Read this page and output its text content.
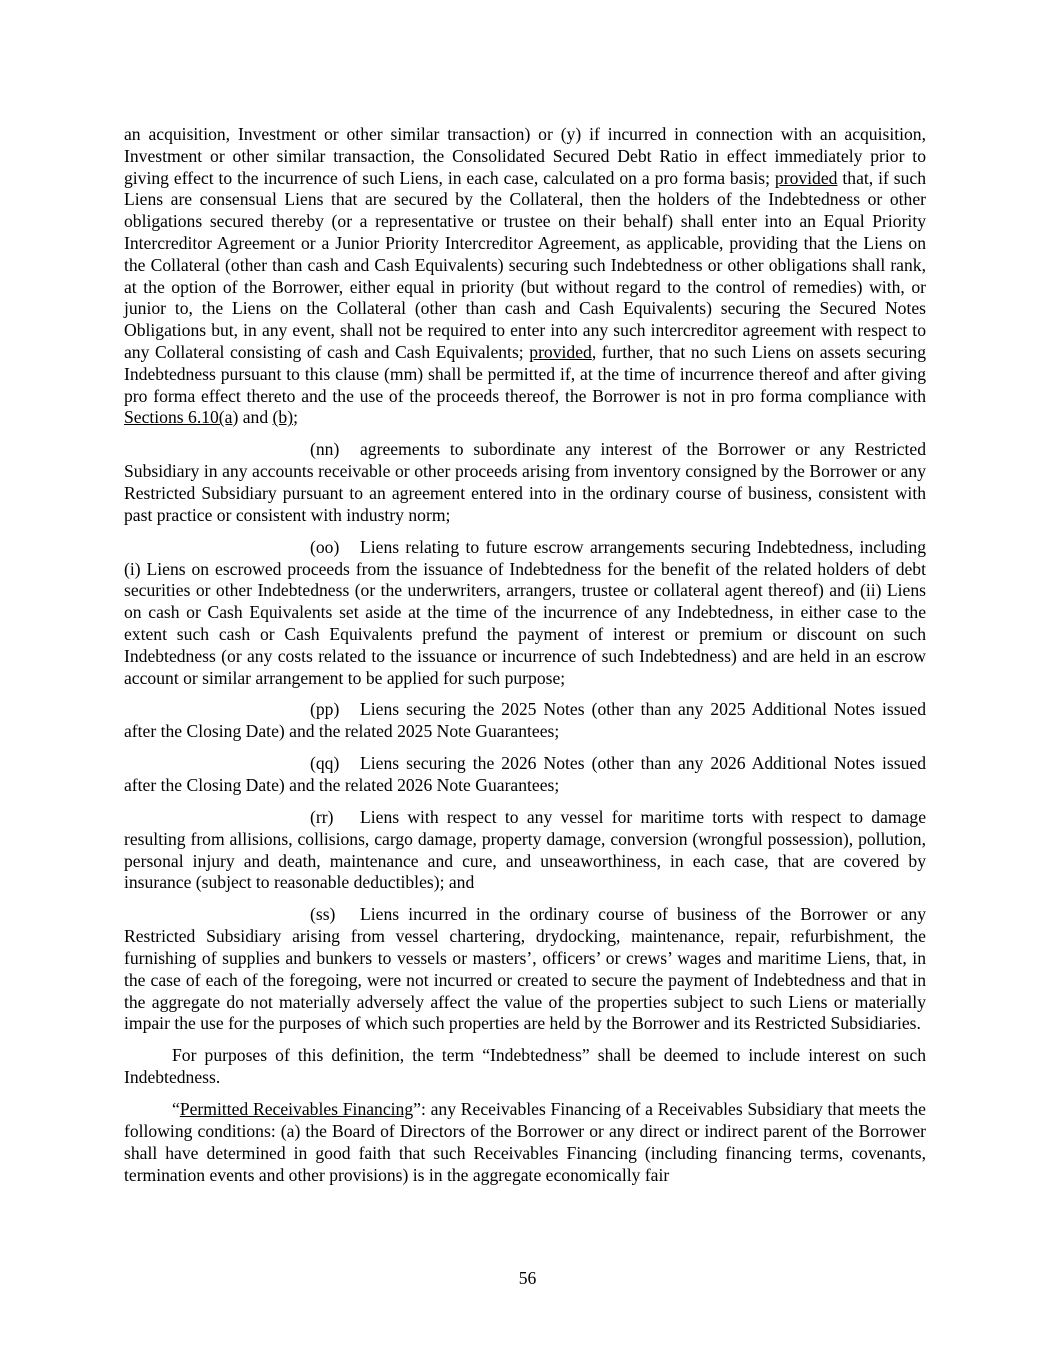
an acquisition, Investment or other similar transaction) or (y) if incurred in connection with an acquisition, Investment or other similar transaction, the Consolidated Secured Debt Ratio in effect immediately prior to giving effect to the incurrence of such Liens, in each case, calculated on a pro forma basis; provided that, if such Liens are consensual Liens that are secured by the Collateral, then the holders of the Indebtedness or other obligations secured thereby (or a representative or trustee on their behalf) shall enter into an Equal Priority Intercreditor Agreement or a Junior Priority Intercreditor Agreement, as applicable, providing that the Liens on the Collateral (other than cash and Cash Equivalents) securing such Indebtedness or other obligations shall rank, at the option of the Borrower, either equal in priority (but without regard to the control of remedies) with, or junior to, the Liens on the Collateral (other than cash and Cash Equivalents) securing the Secured Notes Obligations but, in any event, shall not be required to enter into any such intercreditor agreement with respect to any Collateral consisting of cash and Cash Equivalents; provided, further, that no such Liens on assets securing Indebtedness pursuant to this clause (mm) shall be permitted if, at the time of incurrence thereof and after giving pro forma effect thereto and the use of the proceeds thereof, the Borrower is not in pro forma compliance with Sections 6.10(a) and (b);

(nn) agreements to subordinate any interest of the Borrower or any Restricted Subsidiary in any accounts receivable or other proceeds arising from inventory consigned by the Borrower or any Restricted Subsidiary pursuant to an agreement entered into in the ordinary course of business, consistent with past practice or consistent with industry norm;

(oo) Liens relating to future escrow arrangements securing Indebtedness, including (i) Liens on escrowed proceeds from the issuance of Indebtedness for the benefit of the related holders of debt securities or other Indebtedness (or the underwriters, arrangers, trustee or collateral agent thereof) and (ii) Liens on cash or Cash Equivalents set aside at the time of the incurrence of any Indebtedness, in either case to the extent such cash or Cash Equivalents prefund the payment of interest or premium or discount on such Indebtedness (or any costs related to the issuance or incurrence of such Indebtedness) and are held in an escrow account or similar arrangement to be applied for such purpose;

(pp) Liens securing the 2025 Notes (other than any 2025 Additional Notes issued after the Closing Date) and the related 2025 Note Guarantees;

(qq) Liens securing the 2026 Notes (other than any 2026 Additional Notes issued after the Closing Date) and the related 2026 Note Guarantees;

(rr) Liens with respect to any vessel for maritime torts with respect to damage resulting from allisions, collisions, cargo damage, property damage, conversion (wrongful possession), pollution, personal injury and death, maintenance and cure, and unseaworthiness, in each case, that are covered by insurance (subject to reasonable deductibles); and

(ss) Liens incurred in the ordinary course of business of the Borrower or any Restricted Subsidiary arising from vessel chartering, drydocking, maintenance, repair, refurbishment, the furnishing of supplies and bunkers to vessels or masters’, officers’ or crews’ wages and maritime Liens, that, in the case of each of the foregoing, were not incurred or created to secure the payment of Indebtedness and that in the aggregate do not materially adversely affect the value of the properties subject to such Liens or materially impair the use for the purposes of which such properties are held by the Borrower and its Restricted Subsidiaries.

For purposes of this definition, the term “Indebtedness” shall be deemed to include interest on such Indebtedness.

“Permitted Receivables Financing”: any Receivables Financing of a Receivables Subsidiary that meets the following conditions: (a) the Board of Directors of the Borrower or any direct or indirect parent of the Borrower shall have determined in good faith that such Receivables Financing (including financing terms, covenants, termination events and other provisions) is in the aggregate economically fair

56
